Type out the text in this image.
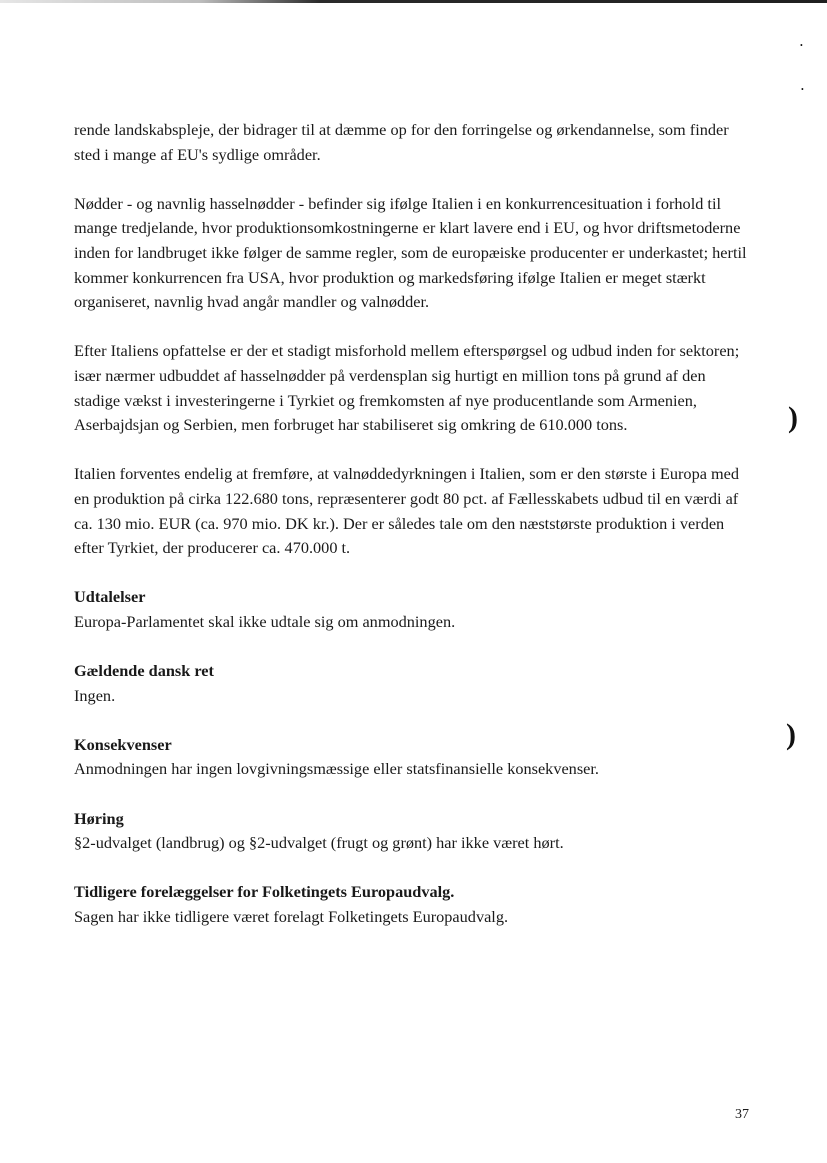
•
•
)
)

rende landskabspleje, der bidrager til at dæmme op for den forringelse og ørkendannelse, som finder sted i mange af EU's sydlige områder.

Nødder - og navnlig hasselnødder - befinder sig ifølge Italien i en konkurrencesituation i forhold til mange tredjelande, hvor produktionsomkostningerne er klart lavere end i EU, og hvor driftsmetoderne inden for landbruget ikke følger de samme regler, som de europæiske producenter er underkastet; hertil kommer konkurrencen fra USA, hvor produktion og markedsføring ifølge Italien er meget stærkt organiseret, navnlig hvad angår mandler og valnødder.

Efter Italiens opfattelse er der et stadigt misforhold mellem efterspørgsel og udbud inden for sektoren; især nærmer udbuddet af hasselnødder på verdensplan sig hurtigt en million tons på grund af den stadige vækst i investeringerne i Tyrkiet og fremkomsten af nye producentlande som Armenien, Aserbajdsjan og Serbien, men forbruget har stabiliseret sig omkring de 610.000 tons.

Italien forventes endelig at fremføre, at valnøddedyrkningen i Italien, som er den største i Europa med en produktion på cirka 122.680 tons, repræsenterer godt 80 pct. af Fællesskabets udbud til en værdi af ca. 130 mio. EUR (ca. 970 mio. DK kr.). Der er således tale om den næststørste produktion i verden efter Tyrkiet, der producerer ca. 470.000 t.

Udtalelser

Europa-Parlamentet skal ikke udtale sig om anmodningen.

Gældende dansk ret

Ingen.

Konsekvenser

Anmodningen har ingen lovgivningsmæssige eller statsfinansielle konsekvenser.

Høring

§2-udvalget (landbrug) og §2-udvalget (frugt og grønt) har ikke været hørt.

Tidligere forelæggelser for Folketingets Europaudvalg.

Sagen har ikke tidligere været forelagt Folketingets Europaudvalg.

37
